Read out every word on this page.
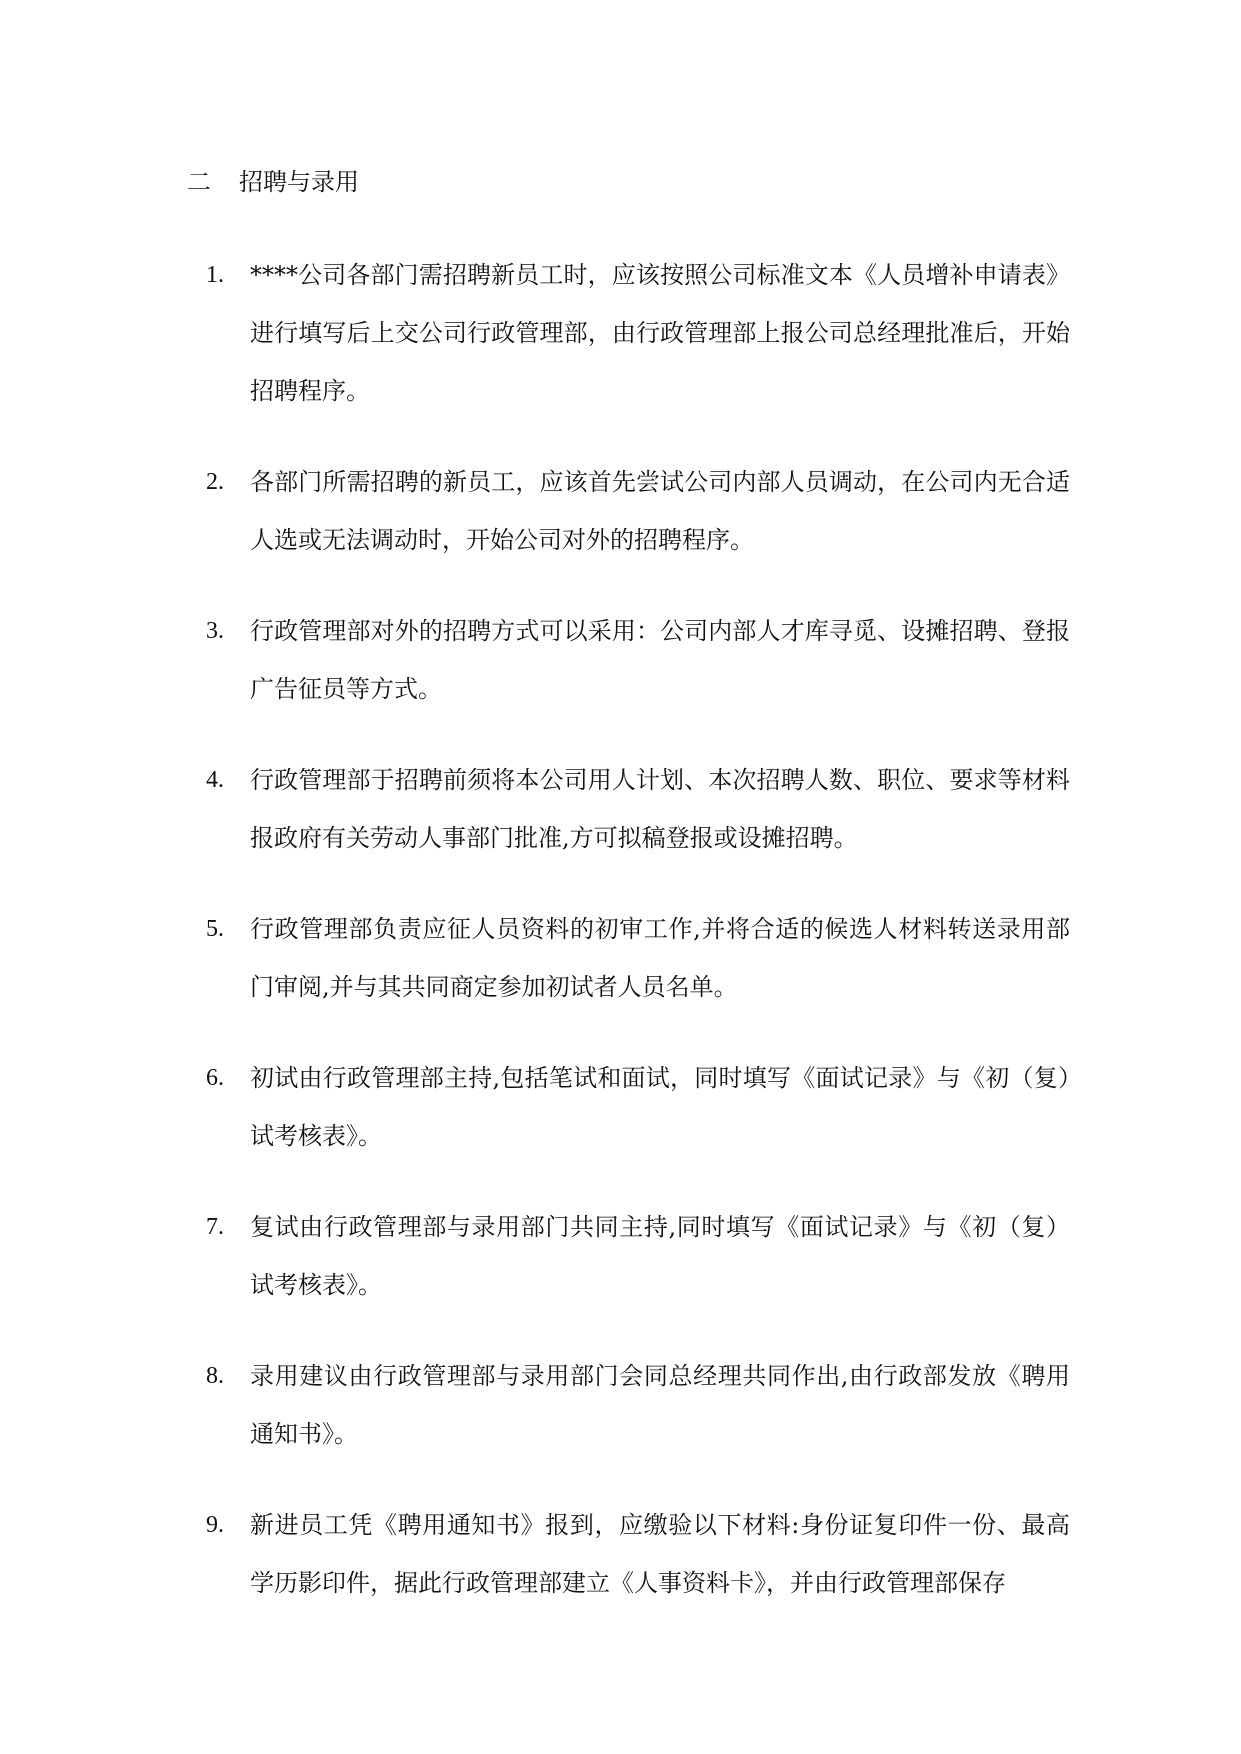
二 招聘与录用
1.	****公司各部门需招聘新员工时，应该按照公司标准文本《人员增补申请表》进行填写后上交公司行政管理部，由行政管理部上报公司总经理批准后，开始招聘程序。
2.	各部门所需招聘的新员工，应该首先尝试公司内部人员调动，在公司内无合适人选或无法调动时，开始公司对外的招聘程序。
3.	行政管理部对外的招聘方式可以采用：公司内部人才库寻觅、设摊招聘、登报广告征员等方式。
4.	行政管理部于招聘前须将本公司用人计划、本次招聘人数、职位、要求等材料报政府有关劳动人事部门批准,方可拟稿登报或设摊招聘。
5.	行政管理部负责应征人员资料的初审工作,并将合适的候选人材料转送录用部门审阅,并与其共同商定参加初试者人员名单。
6.	初试由行政管理部主持,包括笔试和面试，同时填写《面试记录》与《初（复）试考核表》。
7.	复试由行政管理部与录用部门共同主持,同时填写《面试记录》与《初（复）试考核表》。
8.	录用建议由行政管理部与录用部门会同总经理共同作出,由行政部发放《聘用通知书》。
9.	新进员工凭《聘用通知书》报到，应缴验以下材料:身份证复印件一份、最高学历影印件，据此行政管理部建立《人事资料卡》，并由行政管理部保存
